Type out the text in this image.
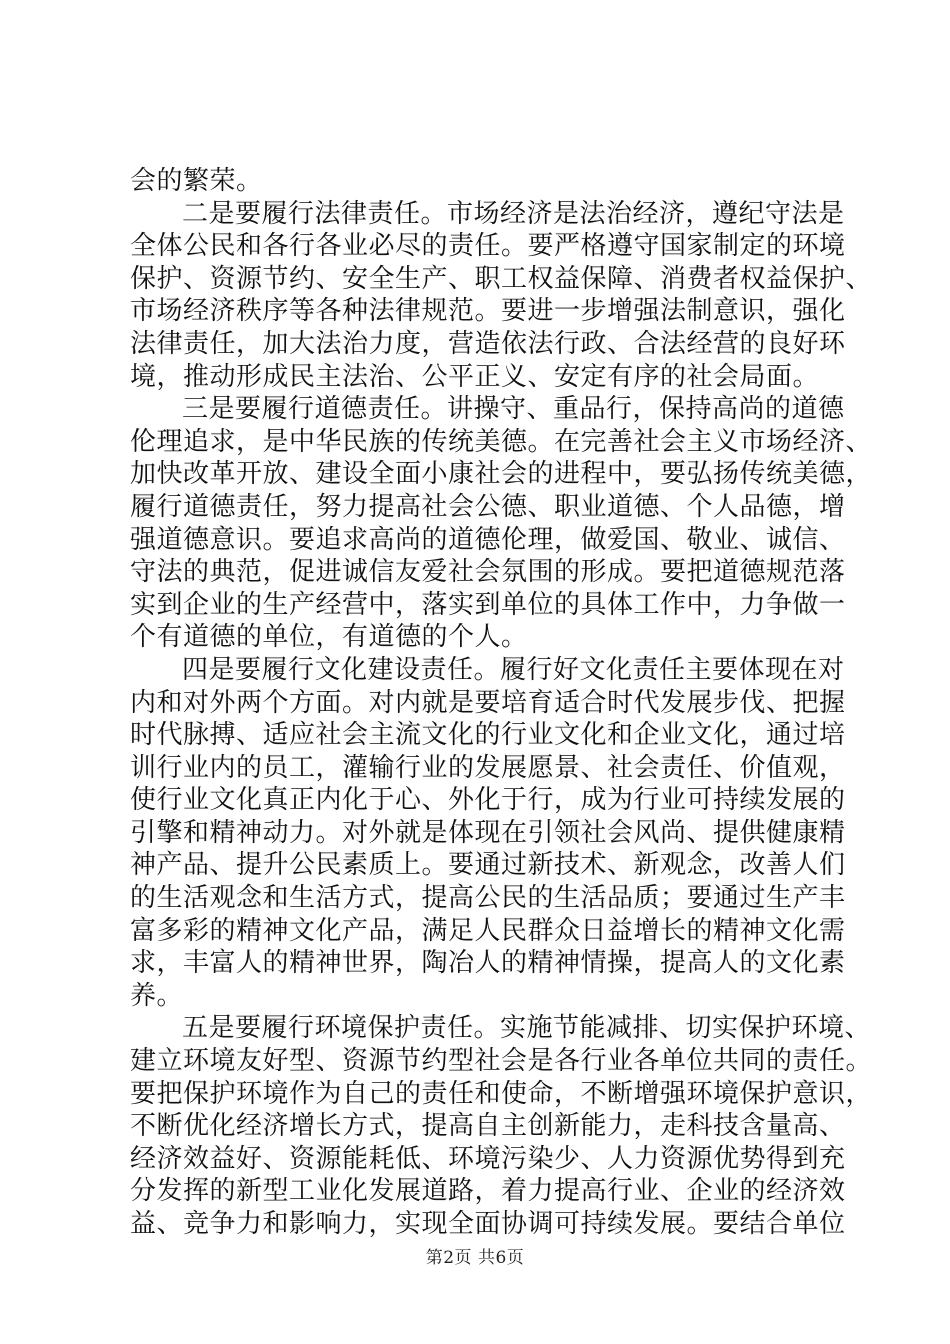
会的繁荣。
二是要履行法律责任。市场经济是法治经济，遵纪守法是
全体公民和各行各业必尽的责任。要严格遵守国家制定的环境
保护、资源节约、安全生产、职工权益保障、消费者权益保护、
市场经济秩序等各种法律规范。要进一步增强法制意识，强化
法律责任，加大法治力度，营造依法行政、合法经营的良好环
境，推动形成民主法治、公平正义、安定有序的社会局面。
三是要履行道德责任。讲操守、重品行，保持高尚的道德
伦理追求，是中华民族的传统美德。在完善社会主义市场经济、
加快改革开放、建设全面小康社会的进程中，要弘扬传统美德，
履行道德责任，努力提高社会公德、职业道德、个人品德，增
强道德意识。要追求高尚的道德伦理，做爱国、敬业、诚信、
守法的典范，促进诚信友爱社会氛围的形成。要把道德规范落
实到企业的生产经营中，落实到单位的具体工作中，力争做一
个有道德的单位，有道德的个人。
四是要履行文化建设责任。履行好文化责任主要体现在对
内和对外两个方面。对内就是要培育适合时代发展步伐、把握
时代脉搏、适应社会主流文化的行业文化和企业文化，通过培
训行业内的员工，灌输行业的发展愿景、社会责任、价值观，
使行业文化真正内化于心、外化于行，成为行业可持续发展的
引擎和精神动力。对外就是体现在引领社会风尚、提供健康精
神产品、提升公民素质上。要通过新技术、新观念，改善人们
的生活观念和生活方式，提高公民的生活品质；要通过生产丰
富多彩的精神文化产品，满足人民群众日益增长的精神文化需
求，丰富人的精神世界，陶冶人的精神情操，提高人的文化素
养。
五是要履行环境保护责任。实施节能减排、切实保护环境、
建立环境友好型、资源节约型社会是各行业各单位共同的责任。
要把保护环境作为自己的责任和使命，不断增强环境保护意识，
不断优化经济增长方式，提高自主创新能力，走科技含量高、
经济效益好、资源能耗低、环境污染少、人力资源优势得到充
分发挥的新型工业化发展道路，着力提高行业、企业的经济效
益、竞争力和影响力，实现全面协调可持续发展。要结合单位
第2页 共6页
